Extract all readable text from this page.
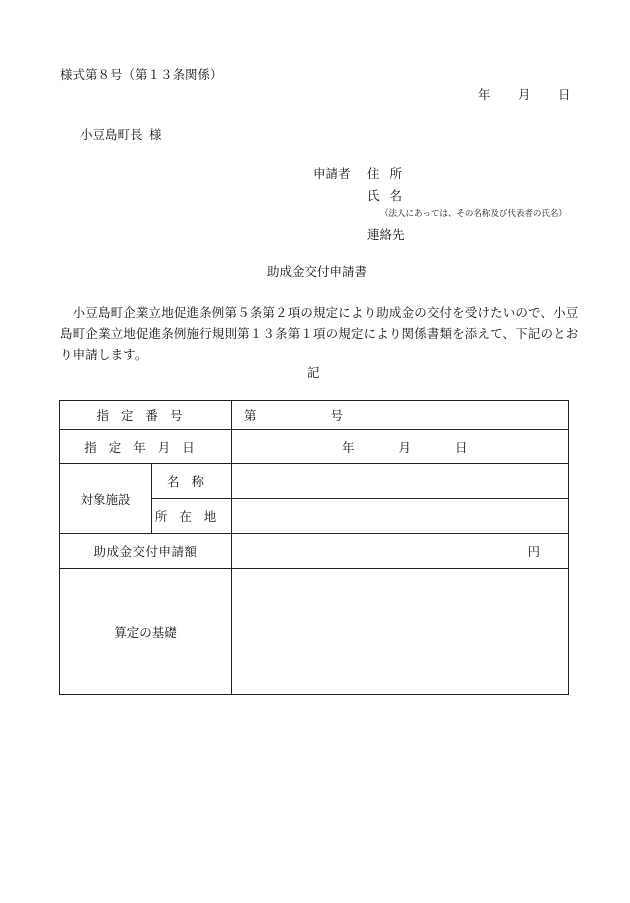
様式第８号（第１３条関係）
年 月 日
小豆島町長 様
申請者 住所
氏名
（法人にあっては、その名称及び代表者の氏名）
連絡先
助成金交付申請書
　小豆島町企業立地促進条例第５条第２項の規定により助成金の交付を受けたいので、小豆島町企業立地促進条例施行規則第１３条第１項の規定により関係書類を添えて、下記のとおり申請します。
記
指定番号		第 号
指定年月日		年 月 日
対象施設	名称	
	所在地	
助成金交付申請額		円
算定の基礎		
